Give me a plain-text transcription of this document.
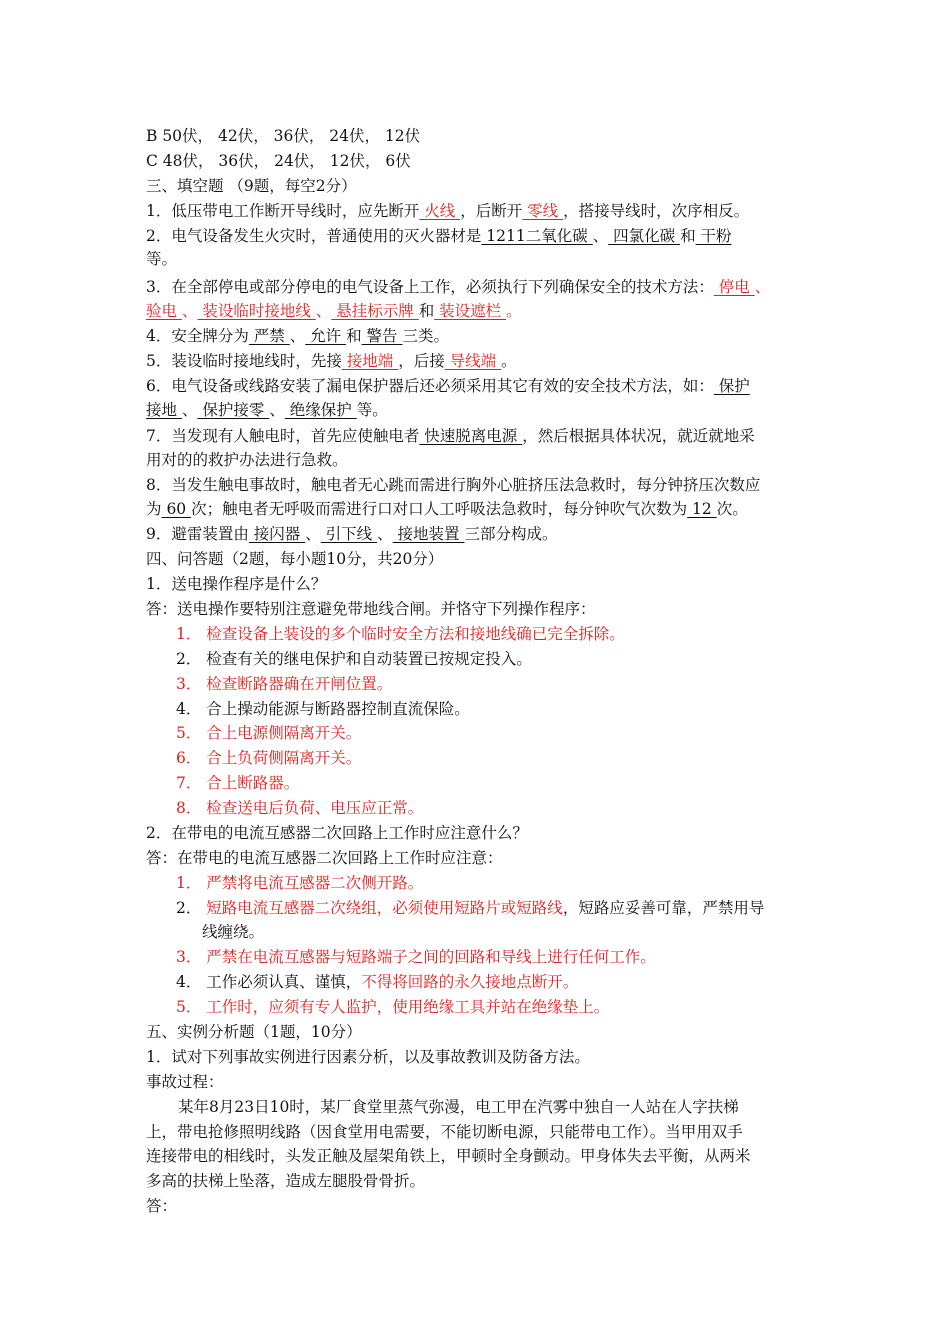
B 50伏， 42伏， 36伏， 24伏， 12伏
C 48伏， 36伏， 24伏， 12伏， 6伏
三、填空题 （9题，每空2分）
1．低压带电工作断开导线时，应先断开 火线 ，后断开 零线 ，搭接导线时，次序相反。
2．电气设备发生火灾时，普通使用的灭火器材是 1211二氧化碳 、 四氯化碳 和 干粉
等。
3．在全部停电或部分停电的电气设备上工作，必须执行下列确保安全的技术方法： 停电 、
验电 、 装设临时接地线 、 悬挂标示牌 和 装设遮栏 。
4．安全牌分为 严禁 、 允许 和 警告 三类。
5．装设临时接地线时，先接 接地端 ，后接 导线端 。
6．电气设备或线路安装了漏电保护器后还必须采用其它有效的安全技术方法，如： 保护
接地 、 保护接零 、 绝缘保护 等。
7．当发现有人触电时，首先应使触电者 快速脱离电源 ，然后根据具体状况，就近就地采
用对的的救护办法进行急救。
8．当发生触电事故时，触电者无心跳而需进行胸外心脏挤压法急救时，每分钟挤压次数应
为 60 次；触电者无呼吸而需进行口对口人工呼吸法急救时，每分钟吹气次数为 12 次。
9．避雷装置由 接闪器 、 引下线 、 接地装置 三部分构成。
四、问答题（2题，每小题10分，共20分）
1．送电操作程序是什么？
答：送电操作要特别注意避免带地线合闸。并恪守下列操作程序：
1． 检查设备上装设的多个临时安全方法和接地线确已完全拆除。
2． 检查有关的继电保护和自动装置已按规定投入。
3． 检查断路器确在开闸位置。
4． 合上操动能源与断路器控制直流保险。
5． 合上电源侧隔离开关。
6． 合上负荷侧隔离开关。
7． 合上断路器。
8． 检查送电后负荷、电压应正常。
2．在带电的电流互感器二次回路上工作时应注意什么？
答：在带电的电流互感器二次回路上工作时应注意：
1． 严禁将电流互感器二次侧开路。
2． 短路电流互感器二次绕组，必须使用短路片或短路线，短路应妥善可靠，严禁用导
线缠绕。
3． 严禁在电流互感器与短路端子之间的回路和导线上进行任何工作。
4． 工作必须认真、谨慎，不得将回路的永久接地点断开。
5． 工作时，应须有专人监护，使用绝缘工具并站在绝缘垫上。
五、实例分析题（1题，10分）
1．试对下列事故实例进行因素分析，以及事故教训及防备方法。
事故过程：
某年8月23日10时，某厂食堂里蒸气弥漫，电工甲在汽雾中独自一人站在人字扶梯
上，带电抢修照明线路（因食堂用电需要，不能切断电源，只能带电工作）。当甲用双手
连接带电的相线时，头发正触及屋架角铁上，甲顿时全身颤动。甲身体失去平衡，从两米
多高的扶梯上坠落，造成左腿股骨骨折。
答：
